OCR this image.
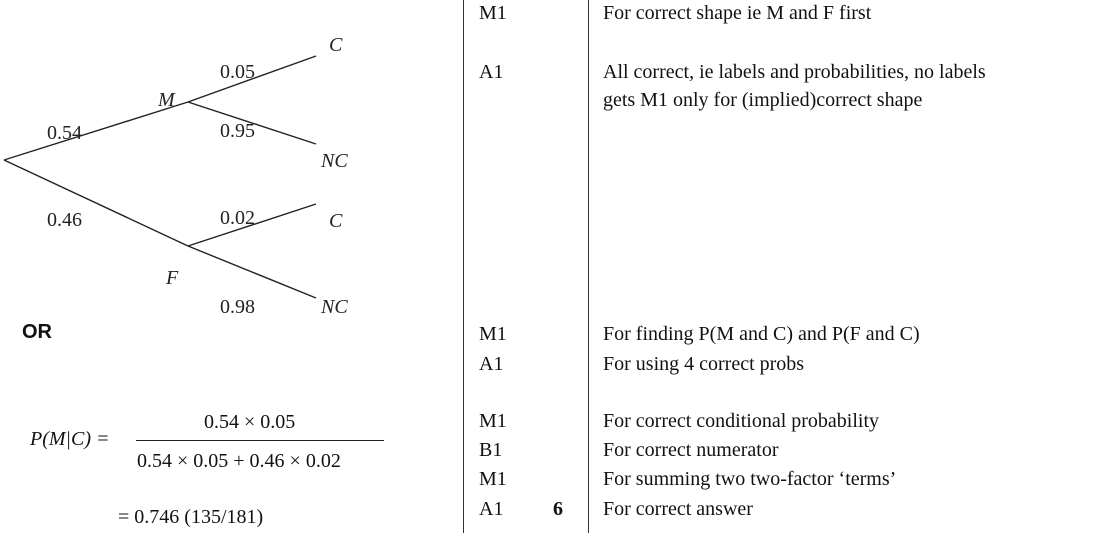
0.54
0.46
M
F
0.05
0.95
C
NC
0.02
0.98
C
NC
OR
P(M|C) =
0.54 × 0.05
0.54 × 0.05 + 0.46 × 0.02
= 0.746 (135/181)
M1
A1
M1
A1
M1
B1
M1
A1 6
For correct shape ie M and F first
All correct, ie labels and probabilities, no labels
gets M1 only for (implied)correct shape
For finding P(M and C) and P(F and C)
For using 4 correct probs
For correct conditional probability
For correct numerator
For summing two two-factor ‘terms’
For correct answer
